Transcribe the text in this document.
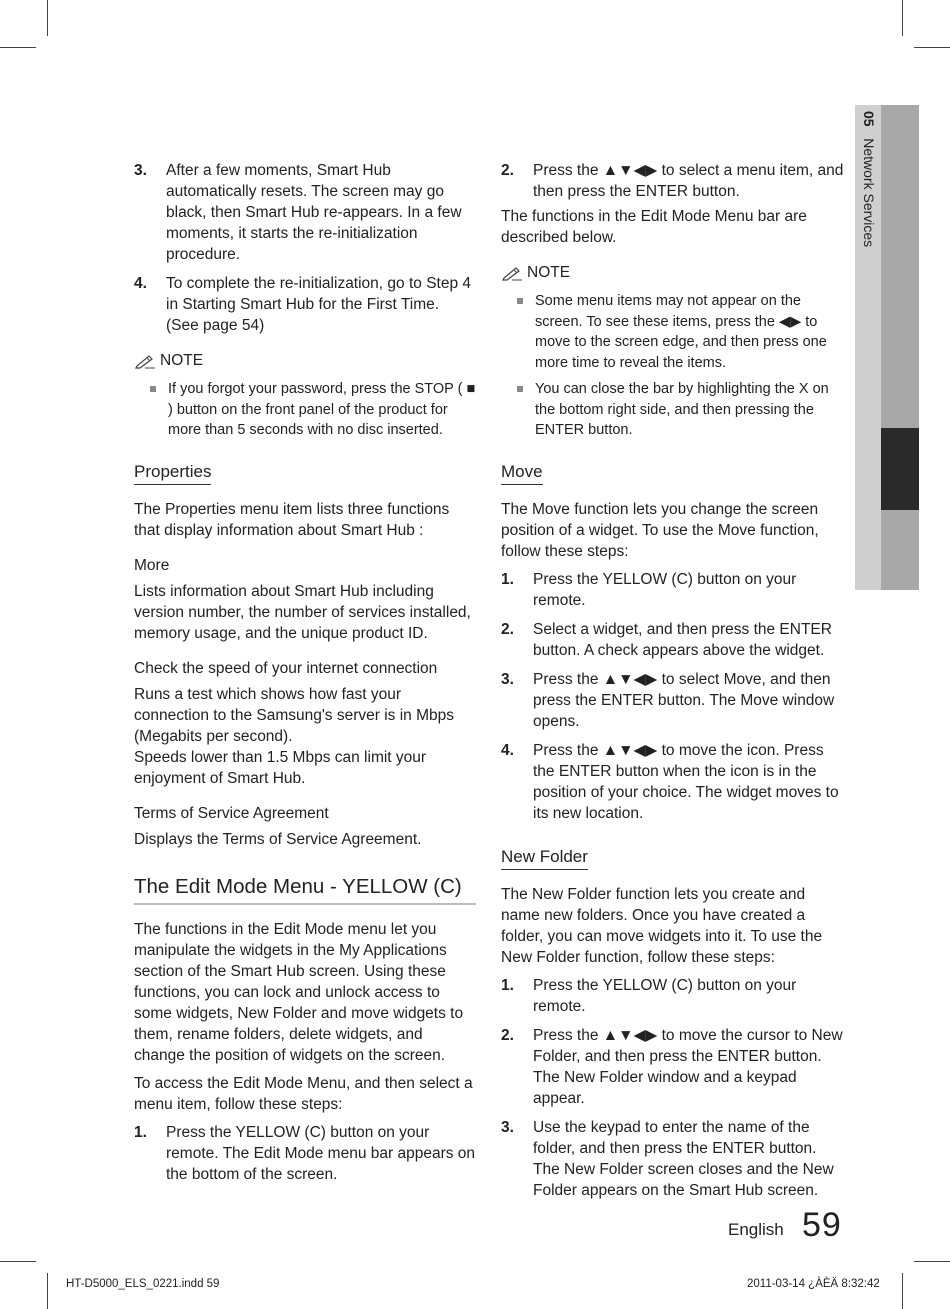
05   Network Services
3.	After a few moments, Smart Hub automatically resets. The screen may go black, then Smart Hub re-appears. In a few moments, it starts the re-initialization procedure.
4.	To complete the re-initialization, go to Step 4 in Starting Smart Hub for the First Time. (See page 54)
NOTE
If you forgot your password, press the STOP ( ■ ) button on the front panel of the product for more than 5 seconds with no disc inserted.
Properties

The Properties menu item lists three functions that display information about Smart Hub :

More

Lists information about Smart Hub including version number, the number of services installed, memory usage, and the unique product ID.

Check the speed of your internet connection

Runs a test which shows how fast your connection to the Samsung's server is in Mbps (Megabits per second).

Speeds lower than 1.5 Mbps can limit your enjoyment of Smart Hub.

Terms of Service Agreement

Displays the Terms of Service Agreement.

The Edit Mode Menu - YELLOW (C)

The functions in the Edit Mode menu let you manipulate the widgets in the My Applications section of the Smart Hub screen. Using these functions, you can lock and unlock access to some widgets, New Folder and move widgets to them, rename folders, delete widgets, and change the position of widgets on the screen.

To access the Edit Mode Menu, and then select a menu item, follow these steps:

1.	Press the YELLOW (C) button on your remote. The Edit Mode menu bar appears on the bottom of the screen.
2.	Press the ▲▼◀▶ to select a menu item, and then press the ENTER button.

The functions in the Edit Mode Menu bar are described below.

NOTE
Some menu items may not appear on the screen. To see these items, press the ◀▶ to move to the screen edge, and then press one more time to reveal the items.
You can close the bar by highlighting the X on the bottom right side, and then pressing the ENTER button.
Move

The Move function lets you change the screen position of a widget. To use the Move function, follow these steps:

1.	Press the YELLOW (C) button on your remote.
2.	Select a widget, and then press the ENTER button. A check appears above the widget.
3.	Press the ▲▼◀▶ to select Move, and then press the ENTER button. The Move window opens.
4.	Press the ▲▼◀▶ to move the icon. Press the ENTER button when the icon is in the position of your choice. The widget moves to its new location.
New Folder

The New Folder function lets you create and name new folders. Once you have created a folder, you can move widgets into it. To use the New Folder function, follow these steps:

1.	Press the YELLOW (C) button on your remote.
2.	Press the ▲▼◀▶ to move the cursor to New Folder, and then press the ENTER button. The New Folder window and a keypad appear.
3.	Use the keypad to enter the name of the folder, and then press the ENTER button. The New Folder screen closes and the New Folder appears on the Smart Hub screen.
English 59
HT-D5000_ELS_0221.indd 59	2011-03-14 ¿ÀÈÄ 8:32:42
